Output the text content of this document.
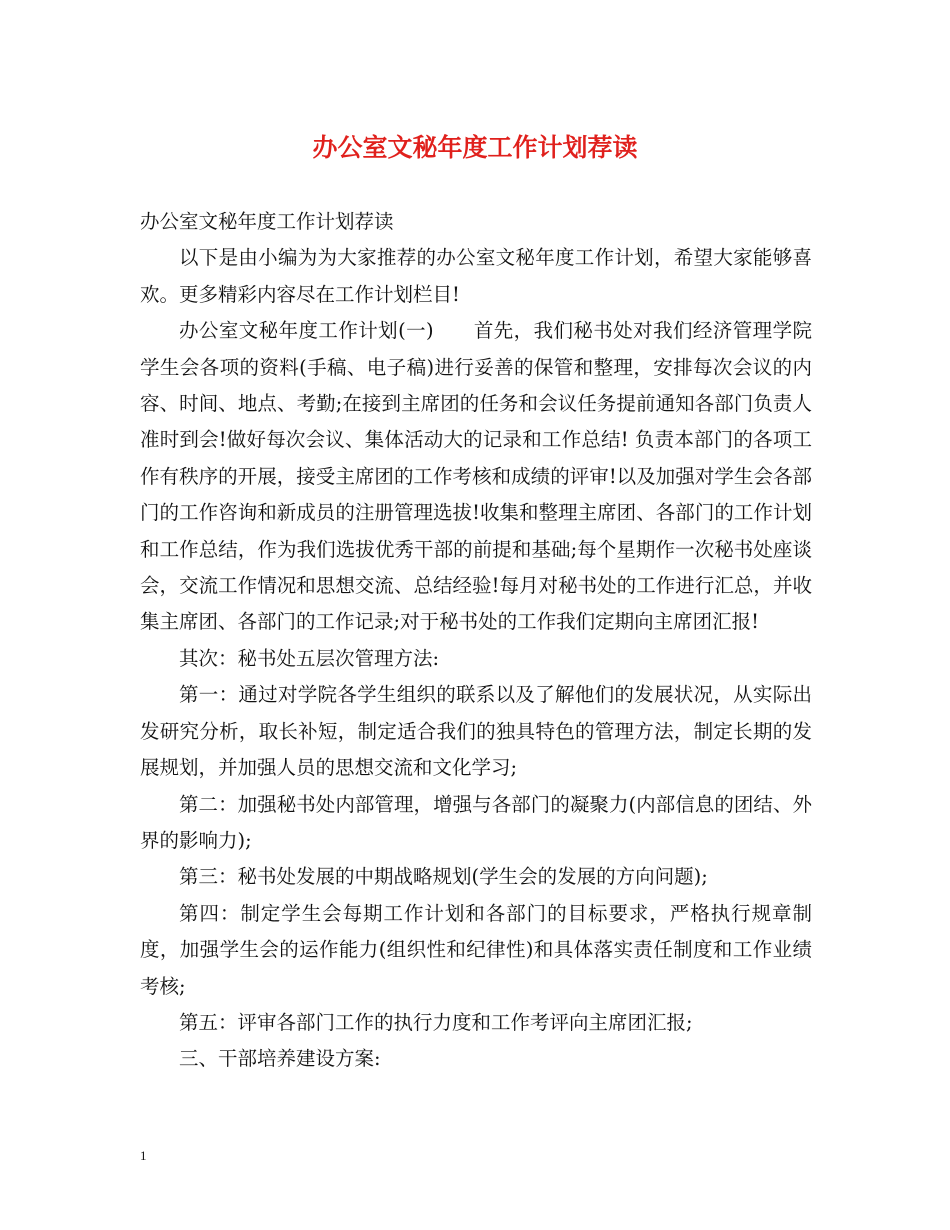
办公室文秘年度工作计划荐读

办公室文秘年度工作计划荐读

以下是由小编为为大家推荐的办公室文秘年度工作计划，希望大家能够喜欢。更多精彩内容尽在工作计划栏目!

办公室文秘年度工作计划(一)　　首先，我们秘书处对我们经济管理学院学生会各项的资料(手稿、电子稿)进行妥善的保管和整理，安排每次会议的内容、时间、地点、考勤;在接到主席团的任务和会议任务提前通知各部门负责人准时到会!做好每次会议、集体活动大的记录和工作总结! 负责本部门的各项工作有秩序的开展，接受主席团的工作考核和成绩的评审!以及加强对学生会各部门的工作咨询和新成员的注册管理选拔!收集和整理主席团、各部门的工作计划和工作总结，作为我们选拔优秀干部的前提和基础;每个星期作一次秘书处座谈会，交流工作情况和思想交流、总结经验!每月对秘书处的工作进行汇总，并收集主席团、各部门的工作记录;对于秘书处的工作我们定期向主席团汇报!

其次：秘书处五层次管理方法:

第一：通过对学院各学生组织的联系以及了解他们的发展状况，从实际出发研究分析，取长补短，制定适合我们的独具特色的管理方法，制定长期的发展规划，并加强人员的思想交流和文化学习;

第二：加强秘书处内部管理，增强与各部门的凝聚力(内部信息的团结、外界的影响力);

第三：秘书处发展的中期战略规划(学生会的发展的方向问题);

第四：制定学生会每期工作计划和各部门的目标要求，严格执行规章制度，加强学生会的运作能力(组织性和纪律性)和具体落实责任制度和工作业绩考核;

第五：评审各部门工作的执行力度和工作考评向主席团汇报;

三、干部培养建设方案:

1
